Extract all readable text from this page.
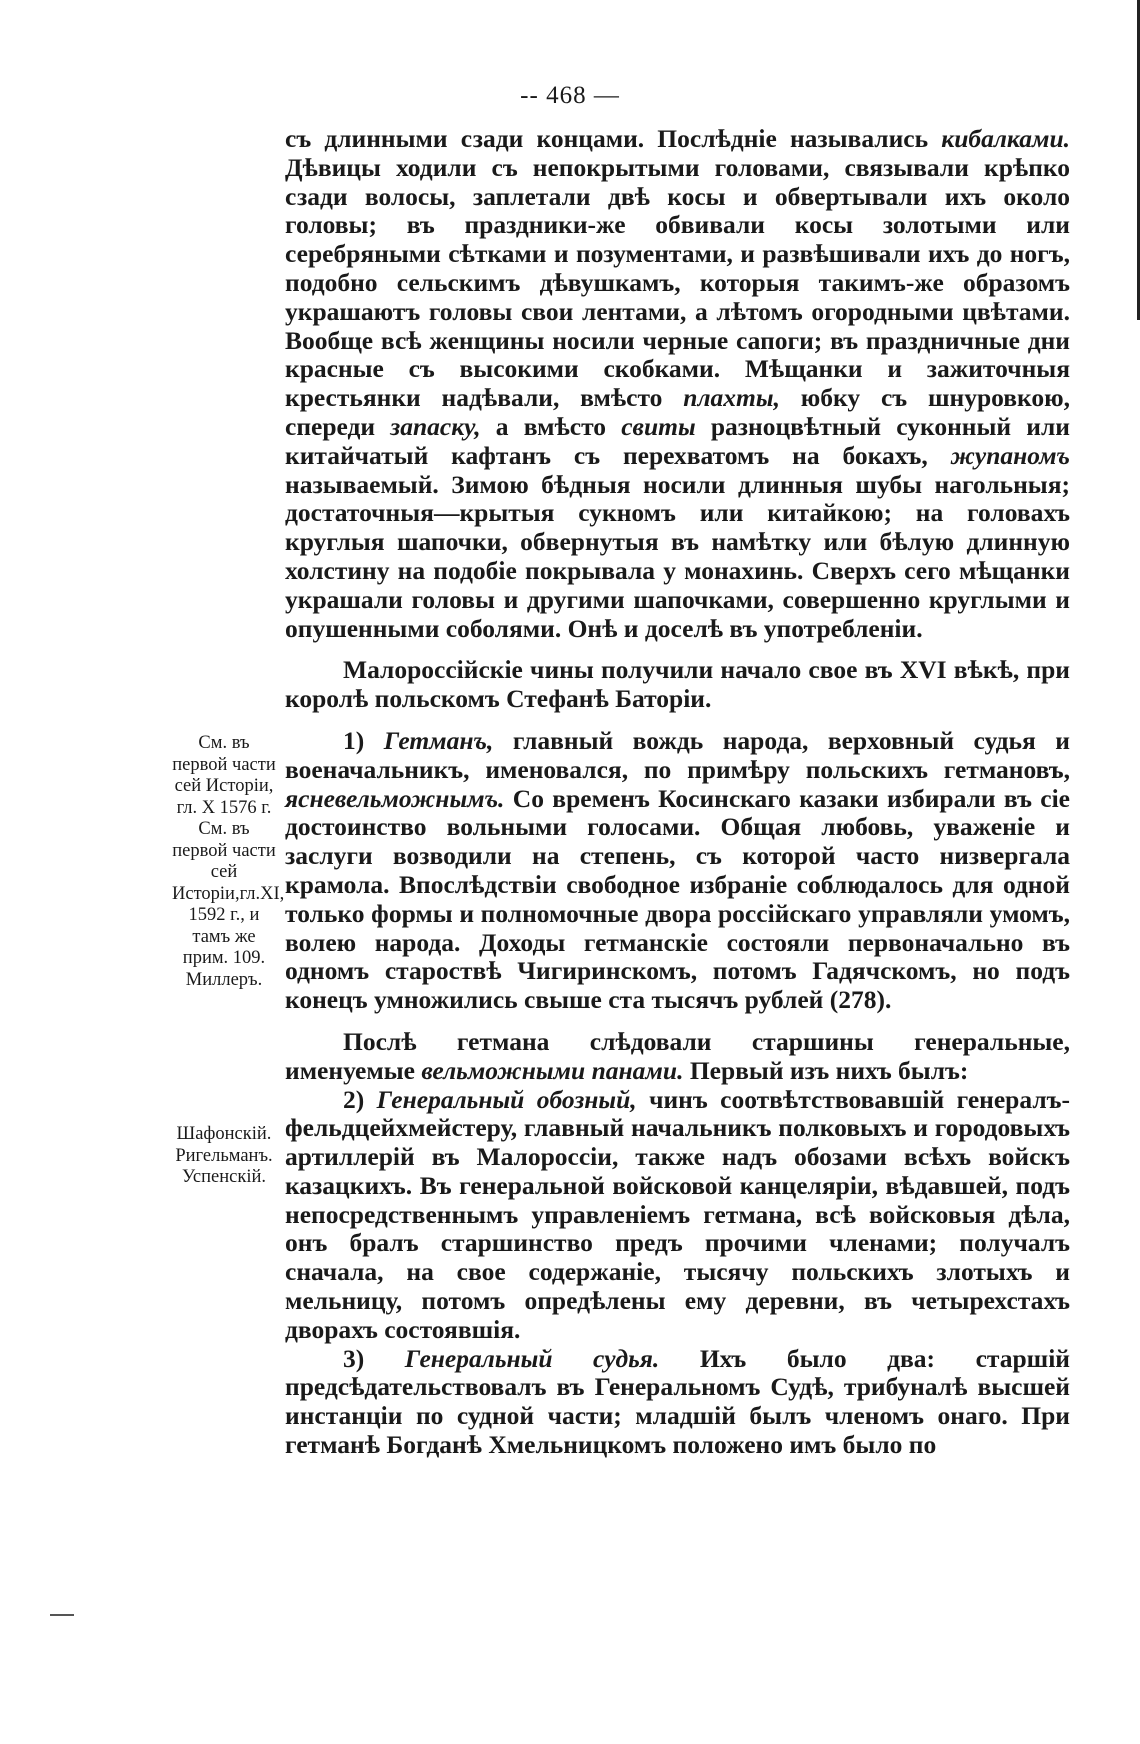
-- 468 —
См. въ первой части сей Исторіи, гл. X 1576 г. См. въ первой части сей Исторіи,гл.XI, 1592 г., и тамъ же прим. 109. Миллеръ.
Шафонскій. Ригельманъ. Успенскій.

съ длинными сзади концами. Послѣдніе назывались кибалками. Дѣвицы ходили съ непокрытыми головами, связывали крѣпко сзади волосы, заплетали двѣ косы и обвертывали ихъ около головы; въ праздники-же обвивали косы золотыми или серебряными сѣтками и позументами, и развѣшивали ихъ до ногъ, подобно сельскимъ дѣвушкамъ, которыя такимъ-же образомъ украшаютъ головы свои лентами, а лѣтомъ огородными цвѣтами. Вообще всѣ женщины носили черные сапоги; въ праздничные дни красные съ высокими скобками. Мѣщанки и зажиточныя крестьянки надѣвали, вмѣсто плахты, юбку съ шнуровкою, спереди запаску, а вмѣсто свиты разноцвѣтный суконный или китайчатый кафтанъ съ перехватомъ на бокахъ, жупаномъ называемый. Зимою бѣдныя носили длинныя шубы нагольныя; достаточныя—крытыя сукномъ или китайкою; на головахъ круглыя шапочки, обвернутыя въ намѣтку или бѣлую длинную холстину на подобіе покрывала у монахинь. Сверхъ сего мѣщанки украшали головы и другими шапочками, совершенно круглыми и опушенными соболями. Онѣ и доселѣ въ употребленіи.

Малороссійскіе чины получили начало свое въ XVI вѣкѣ, при королѣ польскомъ Стефанѣ Баторіи.

1) Гетманъ, главный вождь народа, верховный судья и военачальникъ, именовался, по примѣру польскихъ гетмановъ, ясневельможнымъ. Со временъ Косинскаго казаки избирали въ сіе достоинство вольными голосами. Общая любовь, уваженіе и заслуги возводили на степень, съ которой часто низвергала крамола. Впослѣдствіи свободное избраніе соблюдалось для одной только формы и полномочные двора россійскаго управляли умомъ, волею народа. Доходы гетманскіе состояли первоначально въ одномъ староствѣ Чигиринскомъ, потомъ Гадячскомъ, но подъ конецъ умножились свыше ста тысячъ рублей (278).

Послѣ гетмана слѣдовали старшины генеральные, именуемые вельможными панами. Первый изъ нихъ былъ:

2) Генеральный обозный, чинъ соотвѣтствовавшій генералъ-фельдцейхмейстеру, главный начальникъ полковыхъ и городовыхъ артиллерій въ Малороссіи, также надъ обозами всѣхъ войскъ казацкихъ. Въ генеральной войсковой канцеляріи, вѣдавшей, подъ непосредственнымъ управленіемъ гетмана, всѣ войсковыя дѣла, онъ бралъ старшинство предъ прочими членами; получалъ сначала, на свое содержаніе, тысячу польскихъ злотыхъ и мельницу, потомъ опредѣлены ему деревни, въ четырехстахъ дворахъ состоявшія.

3) Генеральный судья. Ихъ было два: старшій предсѣдательствовалъ въ Генеральномъ Судѣ, трибуналѣ высшей инстанціи по судной части; младшій былъ членомъ онаго. При гетманѣ Богданѣ Хмельницкомъ положено имъ было по
